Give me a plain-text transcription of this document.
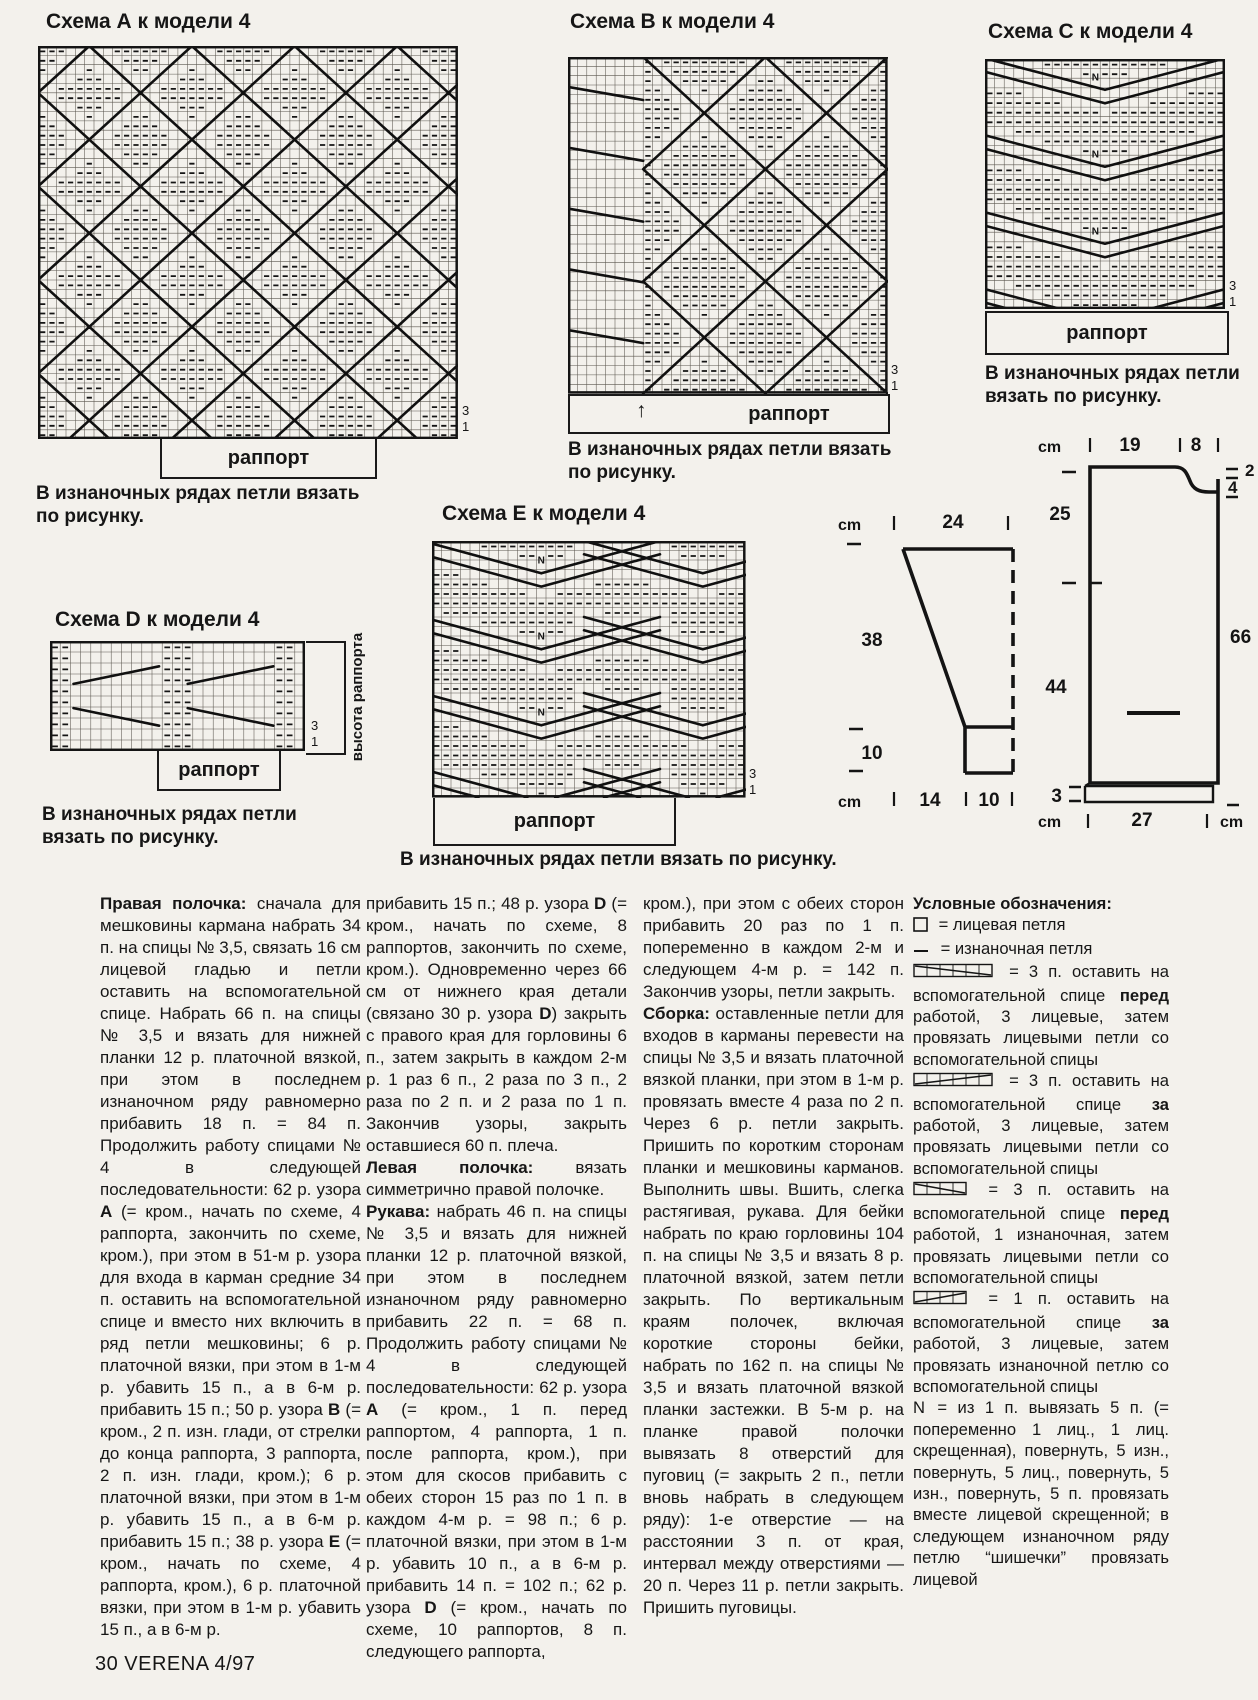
Схема А к модели 4
3
1
раппорт
В изнаночных рядах петли вязать
по рисунку.
Схема В к модели 4
3
1
↑	раппорт
В изнаночных рядах петли вязать
по рисунку.
Схема С к модели 4
N
N
N
3
1
раппорт
В изнаночных рядах петли
вязать по рисунку.
Схема D к модели 4
3
1 высота раппорта
раппорт
В изнаночных рядах петли
вязать по рисунку.
Схема Е к модели 4
N
N
N
3
1
раппорт
В изнаночных рядах петли вязать по рисунку.
cm	24
38
10
cm	14 10
cm	19	8
2
4
25
44
66
3
cm	27	cm

Правая полочка: сначала для мешковины кармана набрать 34 п. на спицы № 3,5, связать 16 см лицевой гладью и петли оставить на вспомогательной спице. Набрать 66 п. на спицы № 3,5 и вязать для нижней планки 12 р. платочной вязкой, при этом в последнем изнаночном ряду равномерно прибавить 18 п. = 84 п. Продолжить работу спицами № 4 в следующей последовательности: 62 р. узора А (= кром., начать по схеме, 4 раппорта, закончить по схеме, кром.), при этом в 51-м р. узора для входа в карман средние 34 п. оставить на вспомогательной спице и вместо них включить в ряд петли мешковины; 6 р. платочной вязки, при этом в 1-м р. убавить 15 п., а в 6-м р. прибавить 15 п.; 50 р. узора В (= кром., 2 п. изн. глади, от стрелки до конца раппорта, 3 раппорта, 2 п. изн. глади, кром.); 6 р. платочной вязки, при этом в 1-м р. убавить 15 п., а в 6-м р. прибавить 15 п.; 38 р. узора Е (= кром., начать по схеме, 4 раппорта, кром.), 6 р. платочной вязки, при этом в 1-м р. убавить 15 п., а в 6-м р.

прибавить 15 п.; 48 р. узора D (= кром., начать по схеме, 8 раппортов, закончить по схеме, кром.). Одновременно через 66 см от нижнего края детали (связано 30 р. узора D) закрыть с правого края для горловины 6 п., затем закрыть в каждом 2-м р. 1 раз 6 п., 2 раза по 3 п., 2 раза по 2 п. и 2 раза по 1 п. Закончив узоры, закрыть оставшиеся 60 п. плеча.

Левая полочка: вязать симметрично правой полочке.

Рукава: набрать 46 п. на спицы № 3,5 и вязать для нижней планки 12 р. платочной вязкой, при этом в последнем изнаночном ряду равномерно прибавить 22 п. = 68 п. Продолжить работу спицами № 4 в следующей последовательности: 62 р. узора А (= кром., 1 п. перед раппортом, 4 раппорта, 1 п. после раппорта, кром.), при этом для скосов прибавить с обеих сторон 15 раз по 1 п. в каждом 4-м р. = 98 п.; 6 р. платочной вязки, при этом в 1-м р. убавить 10 п., а в 6-м р. прибавить 14 п. = 102 п.; 62 р. узора D (= кром., начать по схеме, 10 раппортов, 8 п. следующего раппорта,

кром.), при этом с обеих сторон прибавить 20 раз по 1 п. попеременно в каждом 2-м и следующем 4-м р. = 142 п. Закончив узоры, петли закрыть.

Сборка: оставленные петли для входов в карманы перевести на спицы № 3,5 и вязать платочной вязкой планки, при этом в 1-м р. провязать вместе 4 раза по 2 п. Через 6 р. петли закрыть. Пришить по коротким сторонам планки и мешковины карманов. Выполнить швы. Вшить, слегка растягивая, рукава. Для бейки набрать по краю горловины 104 п. на спицы № 3,5 и вязать 8 р. платочной вязкой, затем петли закрыть. По вертикальным краям полочек, включая короткие стороны бейки, набрать по 162 п. на спицы № 3,5 и вязать платочной вязкой планки застежки. В 5-м р. на планке правой полочки вывязать 8 отверстий для пуговиц (= закрыть 2 п., петли вновь набрать в следующем ряду): 1-е отверстие — на расстоянии 3 п. от края, интервал между отверстиями — 20 п. Через 11 р. петли закрыть. Пришить пуговицы.

Условные обозначения:

= лицевая петля

= изнаночная петля

= 3 п. оставить на вспомогательной спице перед работой, 3 лицевые, затем провязать лицевыми петли со вспомогательной спицы

= 3 п. оставить на вспомогательной спице за работой, 3 лицевые, затем провязать лицевыми петли со вспомогательной спицы

= 3 п. оставить на вспомогательной спице перед работой, 1 изнаночная, затем провязать лицевыми петли со вспомогательной спицы

= 1 п. оставить на вспомогательной спице за работой, 3 лицевые, затем провязать изнаночной петлю со вспомогательной спицы

N = из 1 п. вывязать 5 п. (= попеременно 1 лиц., 1 лиц. скрещенная), повернуть, 5 изн., повернуть, 5 лиц., повернуть, 5 изн., повернуть, 5 п. провязать вместе лицевой скрещенной; в следующем изнаночном ряду петлю “шишечки” провязать лицевой

30 VERENA 4/97
